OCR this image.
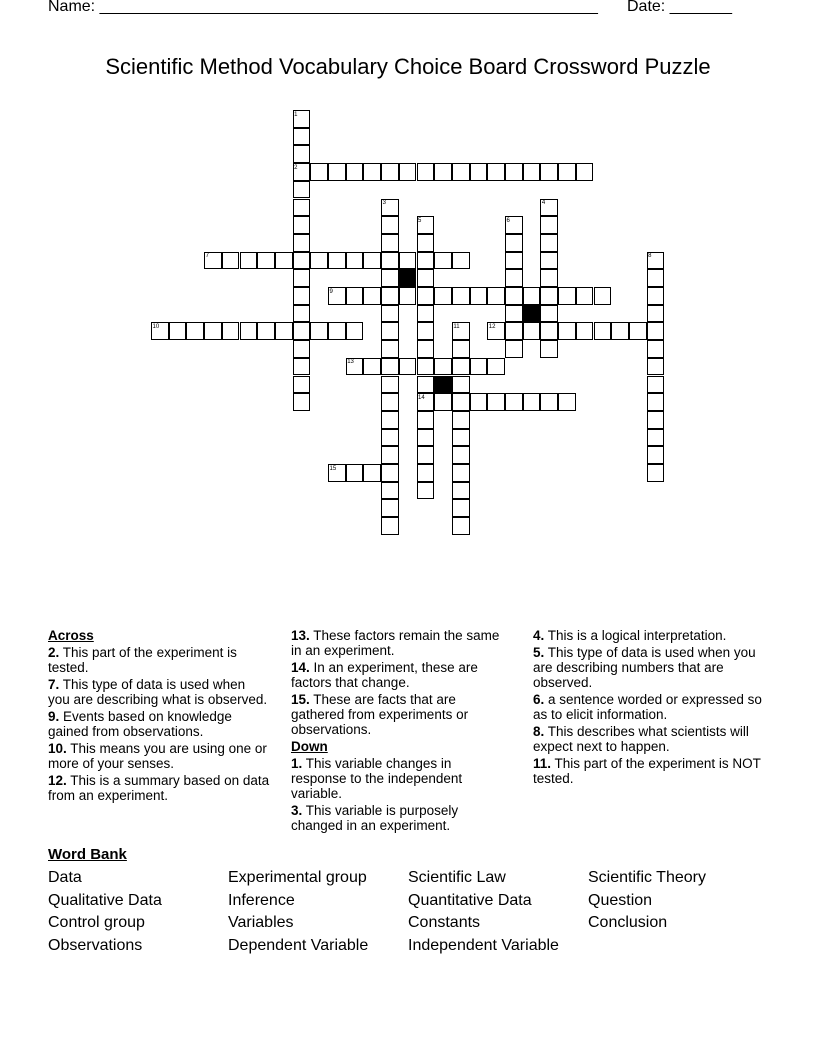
Name: ________________________________________________________ Date: _______
Scientific Method Vocabulary Choice Board Crossword Puzzle
1
2
3	4
5	6
7	8
9
10	11	12
13
14
15
Across
2. This part of the experiment is tested.
7. This type of data is used when you are describing what is observed.
9. Events based on knowledge gained from observations.
10. This means you are using one or more of your senses.
12. This is a summary based on data from an experiment.
13. These factors remain the same in an experiment.
14. In an experiment, these are factors that change.
15. These are facts that are gathered from experiments or observations.
Down
1. This variable changes in response to the independent variable.
3. This variable is purposely changed in an experiment.
4. This is a logical interpretation.
5. This type of data is used when you are describing numbers that are observed.
6. a sentence worded or expressed so as to elicit information.
8. This describes what scientists will expect next to happen.
11. This part of the experiment is NOT tested.
Word Bank
Data	Experimental group	Scientific Law	Scientific Theory
Qualitative Data	Inference	Quantitative Data	Question
Control group	Variables	Constants	Conclusion
Observations	Dependent Variable	Independent Variable
